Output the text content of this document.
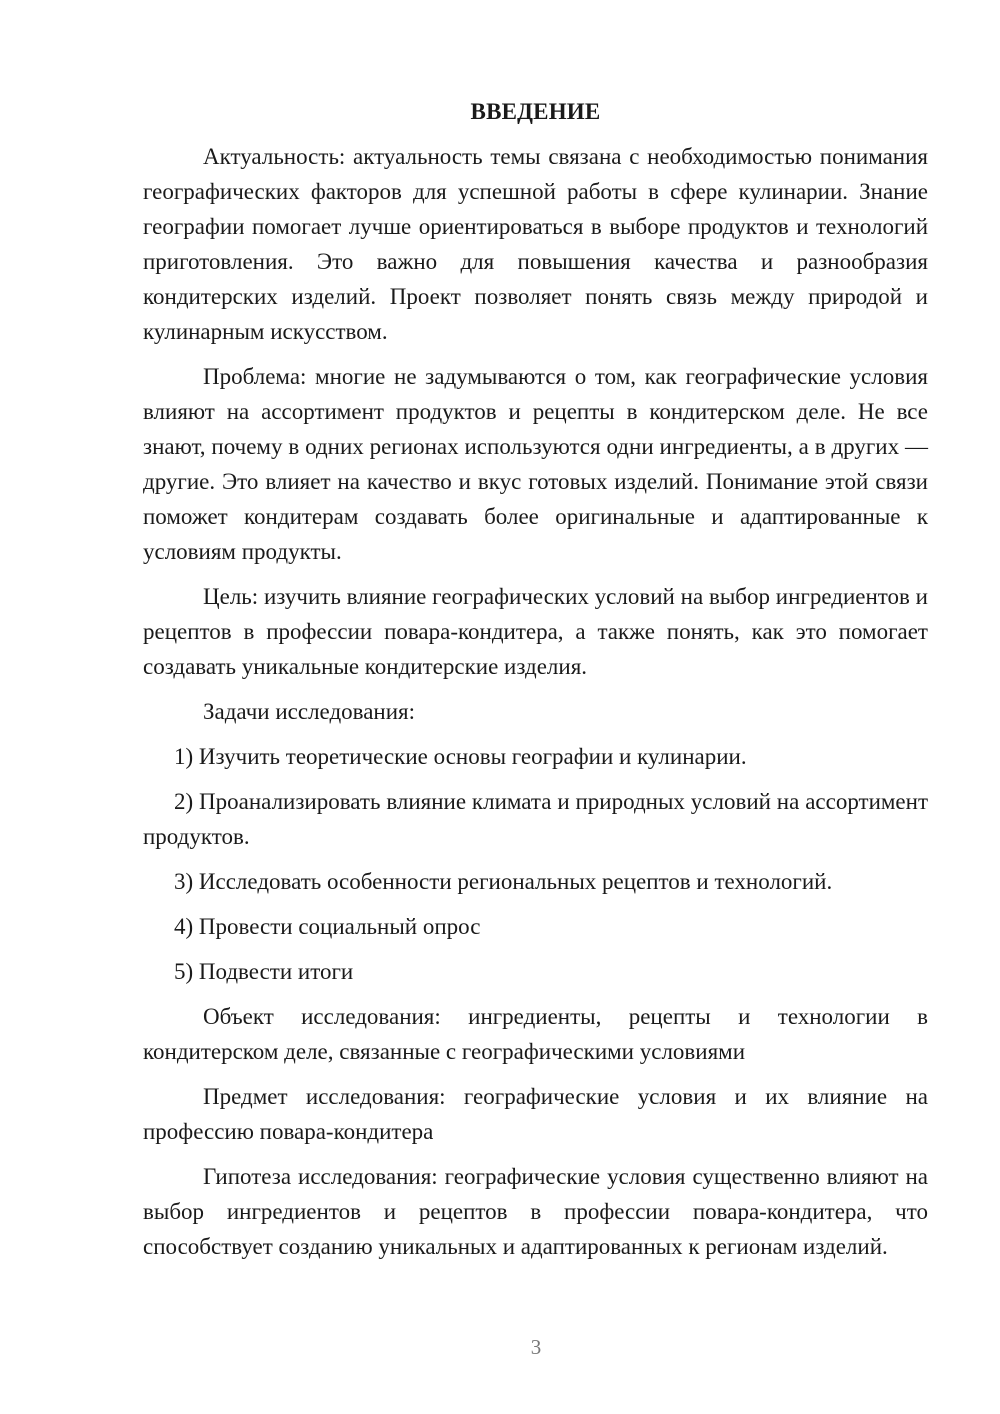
ВВЕДЕНИЕ

Актуальность: актуальность темы связана с необходимостью понимания географических факторов для успешной работы в сфере кулинарии. Знание географии помогает лучше ориентироваться в выборе продуктов и технологий приготовления. Это важно для повышения качества и разнообразия кондитерских изделий. Проект позволяет понять связь между природой и кулинарным искусством.

Проблема: многие не задумываются о том, как географические условия влияют на ассортимент продуктов и рецепты в кондитерском деле. Не все знают, почему в одних регионах используются одни ингредиенты, а в других — другие. Это влияет на качество и вкус готовых изделий. Понимание этой связи поможет кондитерам создавать более оригинальные и адаптированные к условиям продукты.

Цель: изучить влияние географических условий на выбор ингредиентов и рецептов в профессии повара-кондитера, а также понять, как это помогает создавать уникальные кондитерские изделия.

Задачи исследования:

1) Изучить теоретические основы географии и кулинарии.

2) Проанализировать влияние климата и природных условий на ассортимент продуктов.

3) Исследовать особенности региональных рецептов и технологий.

4) Провести социальный опрос

5) Подвести итоги

Объект исследования: ингредиенты, рецепты и технологии в кондитерском деле, связанные с географическими условиями

Предмет исследования: географические условия и их влияние на профессию повара-кондитера

Гипотеза исследования: географические условия существенно влияют на выбор ингредиентов и рецептов в профессии повара-кондитера, что способствует созданию уникальных и адаптированных к регионам изделий.

3
